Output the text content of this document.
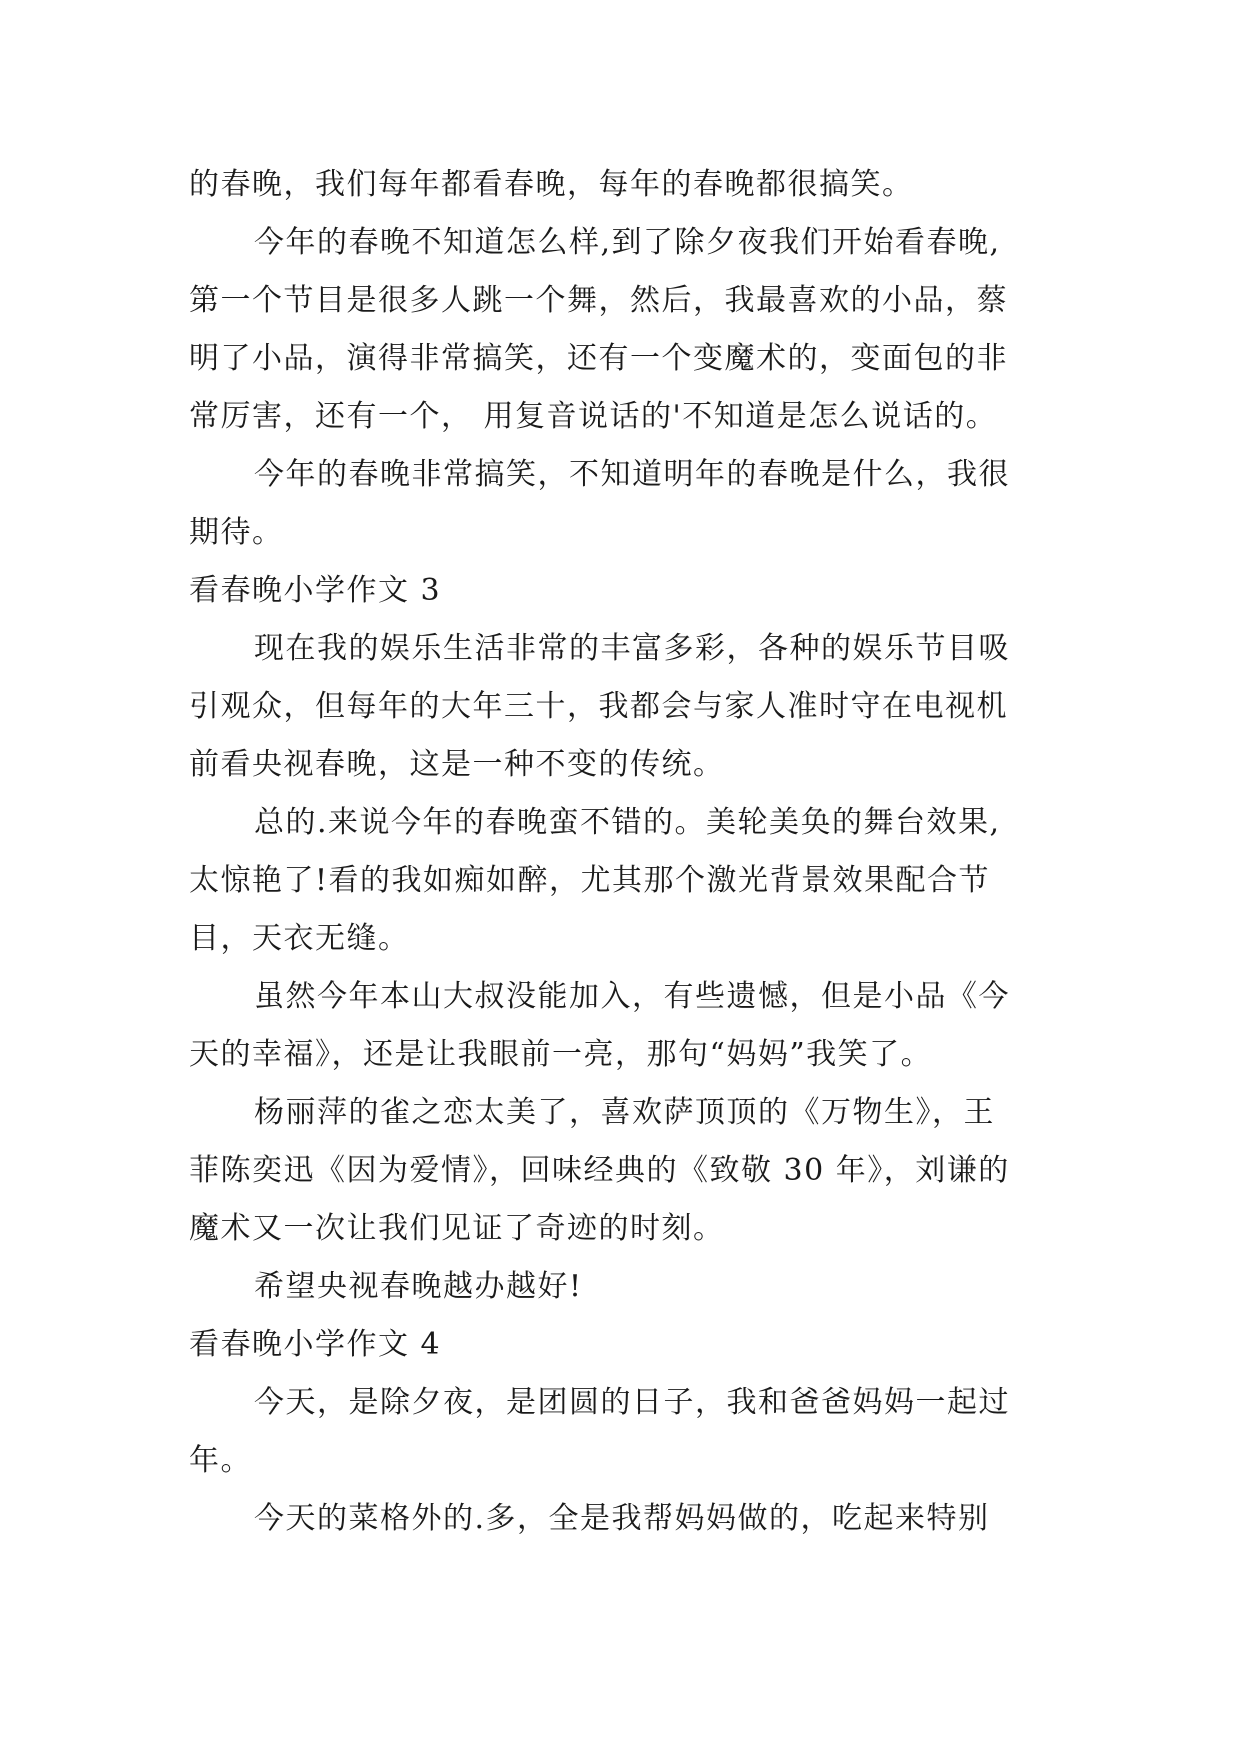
的春晚，我们每年都看春晚，每年的春晚都很搞笑。
今年的春晚不知道怎么样,到了除夕夜我们开始看春晚,
第一个节目是很多人跳一个舞，然后，我最喜欢的小品，蔡
明了小品，演得非常搞笑，还有一个变魔术的，变面包的非
常厉害，还有一个， 用复音说话的'不知道是怎么说话的。
今年的春晚非常搞笑，不知道明年的春晚是什么，我很
期待。
看春晚小学作文 3
现在我的娱乐生活非常的丰富多彩，各种的娱乐节目吸
引观众，但每年的大年三十，我都会与家人准时守在电视机
前看央视春晚，这是一种不变的传统。
总的.来说今年的春晚蛮不错的。美轮美奂的舞台效果,
太惊艳了!看的我如痴如醉，尤其那个激光背景效果配合节
目，天衣无缝。
虽然今年本山大叔没能加入，有些遗憾，但是小品《今
天的幸福》，还是让我眼前一亮，那句“妈妈”我笑了。
杨丽萍的雀之恋太美了，喜欢萨顶顶的《万物生》，王
菲陈奕迅《因为爱情》，回味经典的《致敬 30 年》，刘谦的
魔术又一次让我们见证了奇迹的时刻。
希望央视春晚越办越好!
看春晚小学作文 4
今天，是除夕夜，是团圆的日子，我和爸爸妈妈一起过
年。
今天的菜格外的.多，全是我帮妈妈做的，吃起来特别
